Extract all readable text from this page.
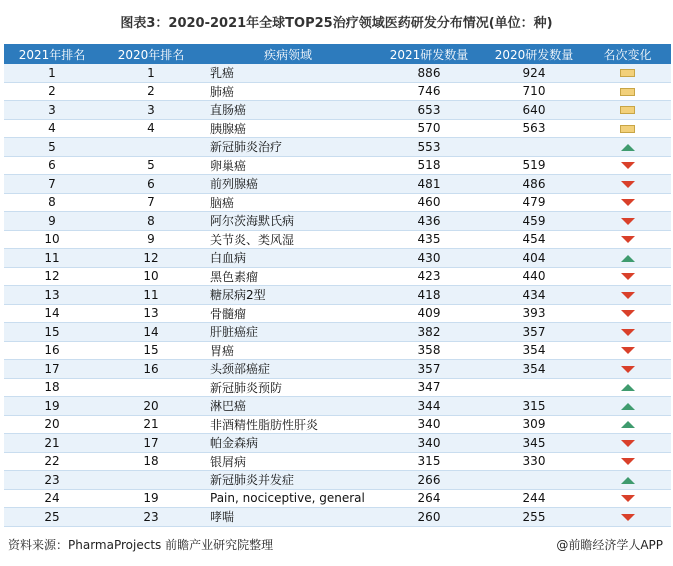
图表3：2020-2021年全球TOP25治疗领域医药研发分布情况(单位：种)
2021年排名	2020年排名	疾病领域	2021研发数量	2020研发数量	名次变化
1	1	乳癌	886	924	
2	2	肺癌	746	710	
3	3	直肠癌	653	640	
4	4	胰腺癌	570	563	
5		新冠肺炎治疗	553		
6	5	卵巢癌	518	519	
7	6	前列腺癌	481	486	
8	7	脑癌	460	479	
9	8	阿尔茨海默氏病	436	459	
10	9	关节炎、类风湿	435	454	
11	12	白血病	430	404	
12	10	黑色素瘤	423	440	
13	11	糖尿病2型	418	434	
14	13	骨髓瘤	409	393	
15	14	肝脏癌症	382	357	
16	15	胃癌	358	354	
17	16	头颈部癌症	357	354	
18		新冠肺炎预防	347		
19	20	淋巴癌	344	315	
20	21	非酒精性脂肪性肝炎	340	309	
21	17	帕金森病	340	345	
22	18	银屑病	315	330	
23		新冠肺炎并发症	266		
24	19	Pain, nociceptive, general	264	244	
25	23	哮喘	260	255	
资料来源：PharmaProjects 前瞻产业研究院整理	@前瞻经济学人APP
